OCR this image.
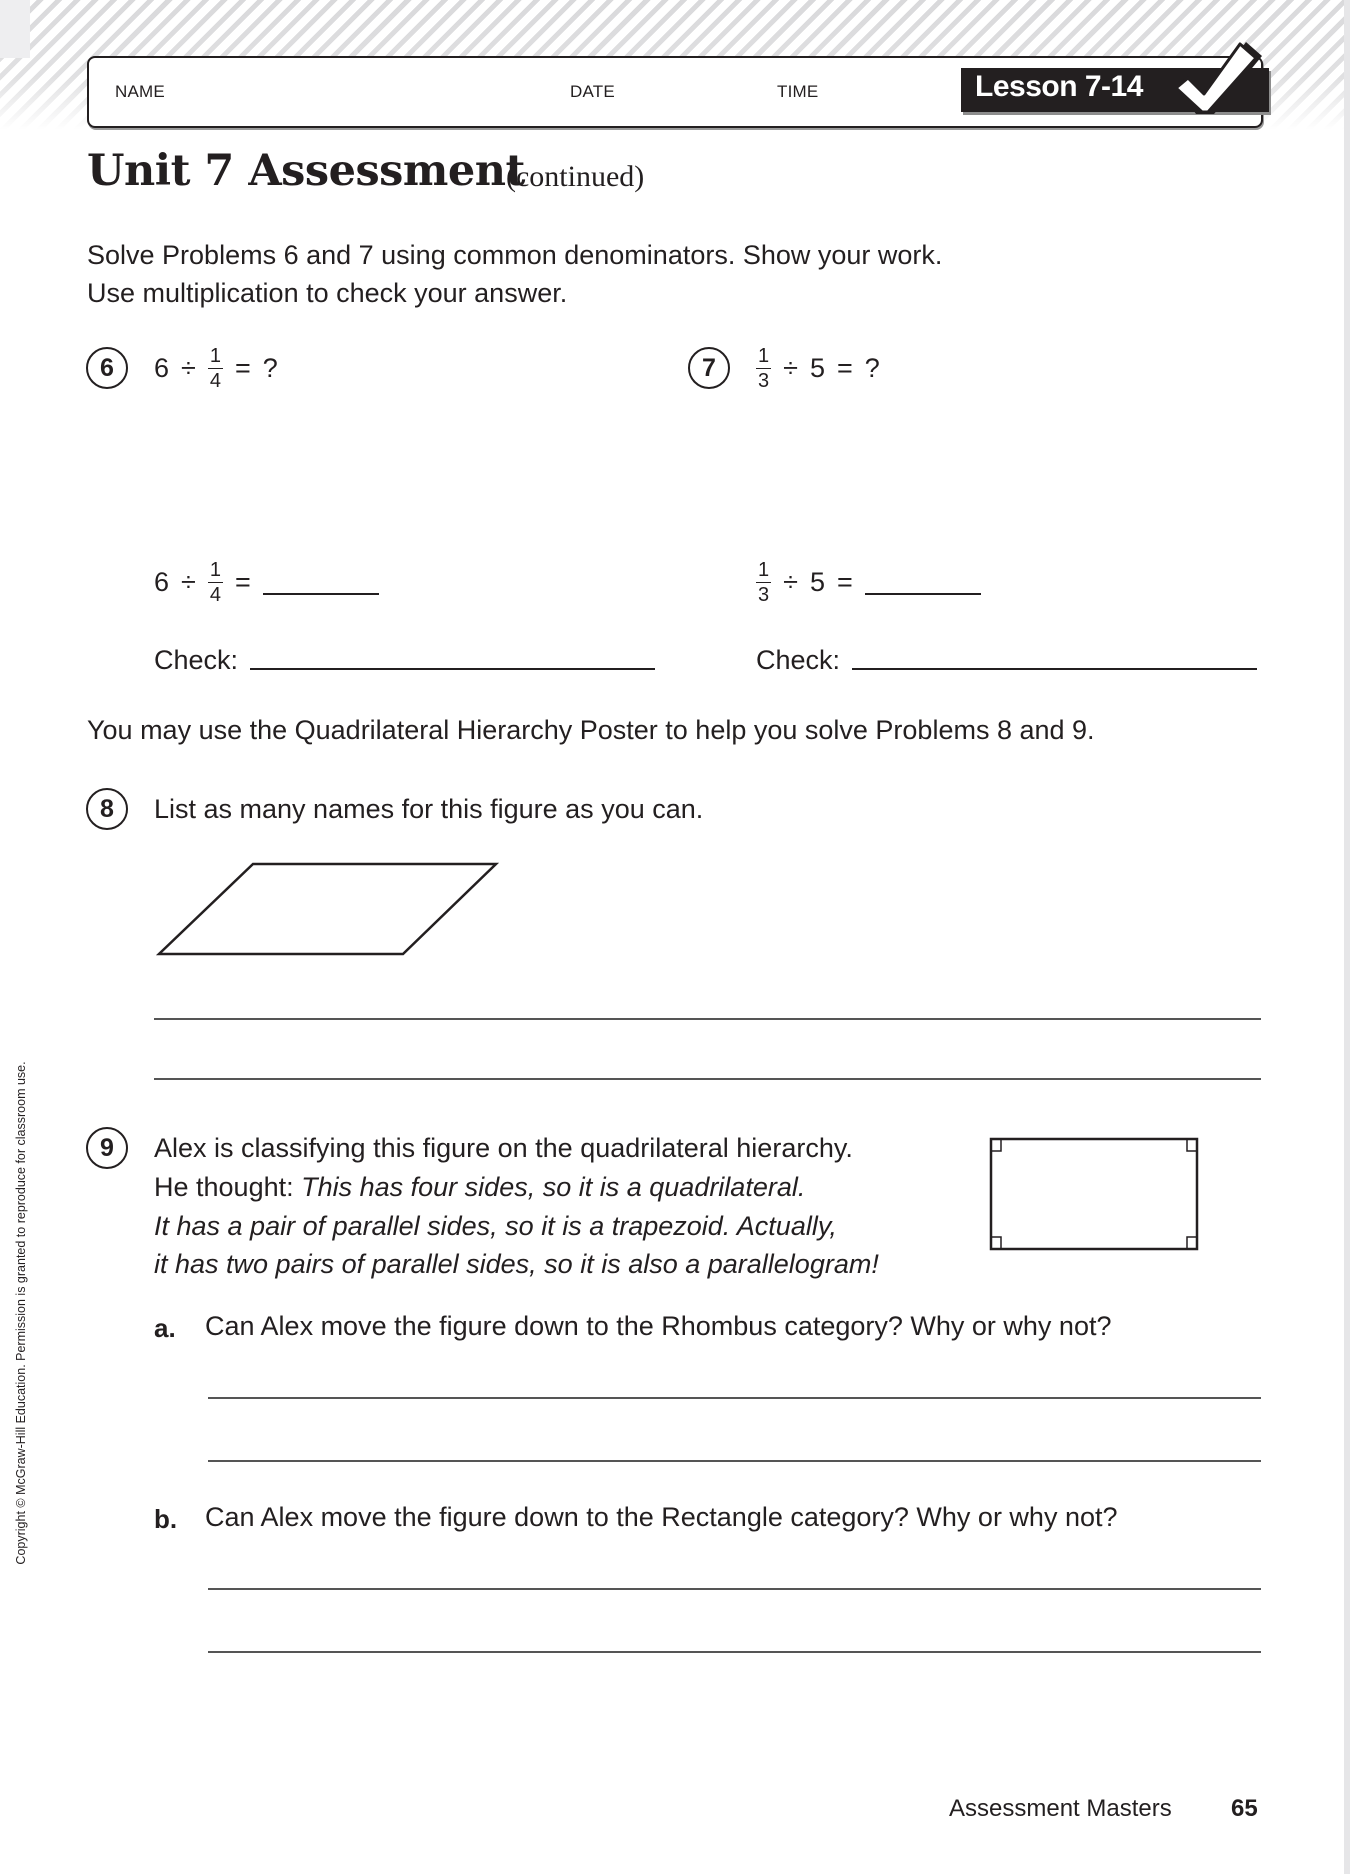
NAME	DATE	TIME	Lesson 7-14
Unit 7 Assessment
(continued)
Solve Problems 6 and 7 using common denominators. Show your work.
Use multiplication to check your answer.
6	$6 \div \frac{1}{4}$ = ?	7	$\frac{1}{3} \div 5$ = ?
$6 \div \frac{1}{4}$ =	$\frac{1}{3} \div 5$ =
Check:	Check:
You may use the Quadrilateral Hierarchy Poster to help you solve Problems 8 and 9.
8	List as many names for this figure as you can.
9	Alex is classifying this figure on the quadrilateral hierarchy.
He thought: This has four sides, so it is a quadrilateral.
It has a pair of parallel sides, so it is a trapezoid. Actually,
it has two pairs of parallel sides, so it is also a parallelogram!
a. Can Alex move the figure down to the Rhombus category? Why or why not?
b. Can Alex move the figure down to the Rectangle category? Why or why not?
Assessment Masters 65
Copyright © McGraw-Hill Education. Permission is granted to reproduce for classroom use.
